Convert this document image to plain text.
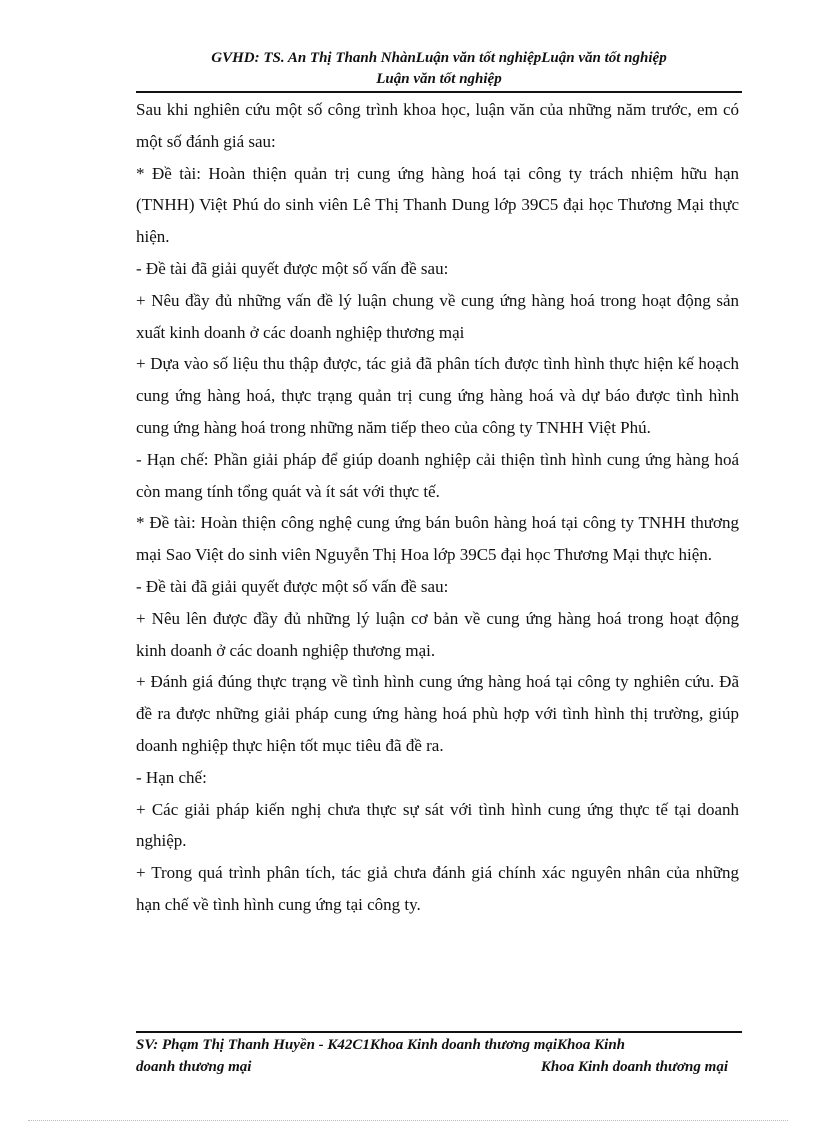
GVHD: TS. An Thị Thanh NhànLuận văn tốt nghiệpLuận văn tốt nghiệp
Luận văn tốt nghiệp

Sau khi nghiên cứu một số công trình khoa học, luận văn của những năm trước, em có một số đánh giá sau:

* Đề tài: Hoàn thiện quản trị cung ứng hàng hoá tại công ty trách nhiệm hữu hạn (TNHH) Việt Phú do sinh viên Lê Thị Thanh Dung lớp 39C5 đại học Thương Mại thực hiện.

- Đề tài đã giải quyết được một số vấn đề sau:

+ Nêu đầy đủ những vấn đề lý luận chung về cung ứng hàng hoá trong hoạt động sản xuất kinh doanh ở các doanh nghiệp thương mại

+ Dựa vào số liệu thu thập được, tác giả đã phân tích được tình hình thực hiện kế hoạch cung ứng hàng hoá, thực trạng quản trị cung ứng hàng hoá và dự báo được tình hình cung ứng hàng hoá trong những năm tiếp theo của công ty TNHH Việt Phú.

- Hạn chế: Phần giải pháp để giúp doanh nghiệp cải thiện tình hình cung ứng hàng hoá còn mang tính tổng quát và ít sát với thực tế.

* Đề tài: Hoàn thiện công nghệ cung ứng bán buôn hàng hoá tại công ty TNHH thương mại Sao Việt do sinh viên Nguyễn Thị Hoa lớp 39C5 đại học Thương Mại thực hiện.

- Đề tài đã giải quyết được một số vấn đề sau:

+ Nêu lên được đầy đủ những lý luận cơ bản về cung ứng hàng hoá trong hoạt động kinh doanh ở các doanh nghiệp thương mại.

+ Đánh giá đúng thực trạng về tình hình cung ứng hàng hoá tại công ty nghiên cứu. Đã đề ra được những giải pháp cung ứng hàng hoá phù hợp với tình hình thị trường, giúp doanh nghiệp thực hiện tốt mục tiêu đã đề ra.

- Hạn chế:

+ Các giải pháp kiến nghị chưa thực sự sát với tình hình cung ứng thực tế tại doanh nghiệp.

+ Trong quá trình phân tích, tác giả chưa đánh giá chính xác nguyên nhân của những hạn chế về tình hình cung ứng tại công ty.

SV: Phạm Thị Thanh Huyền - K42C1Khoa Kinh doanh thương mạiKhoa Kinh
doanh thương mại	Khoa Kinh doanh thương mại
